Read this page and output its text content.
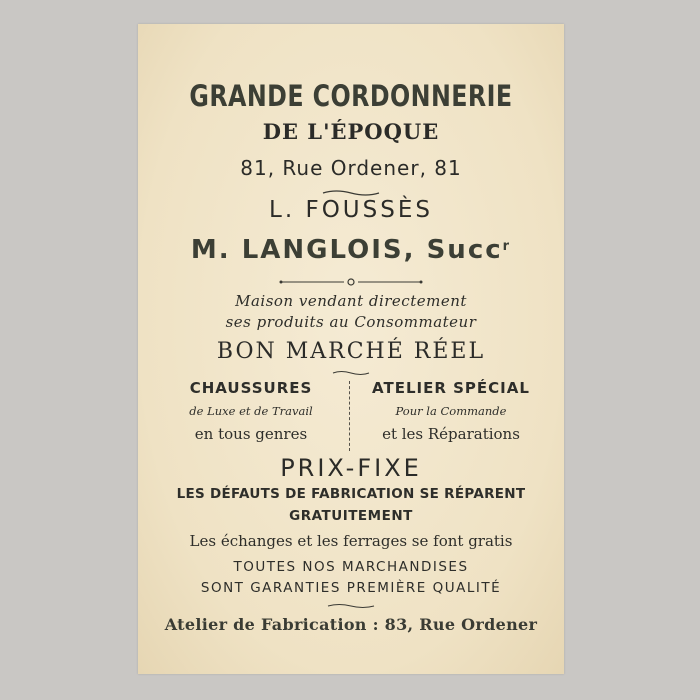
GRANDE CORDONNERIE
DE L'ÉPOQUE
81, Rue Ordener, 81
L. FOUSSÈS
M. LANGLOIS, Succ$^r$
Maison vendant directement
ses produits au Consommateur
BON MARCHÉ RÉEL
CHAUSSURES
de Luxe et de Travail
en tous genres
ATELIER SPÉCIAL
Pour la Commande
et les Réparations
PRIX-FIXE
LES DÉFAUTS DE FABRICATION SE RÉPARENT
GRATUITEMENT
Les échanges et les ferrages se font gratis
TOUTES NOS MARCHANDISES
SONT GARANTIES PREMIÈRE QUALITÉ
Atelier de Fabrication : 83, Rue Ordener
